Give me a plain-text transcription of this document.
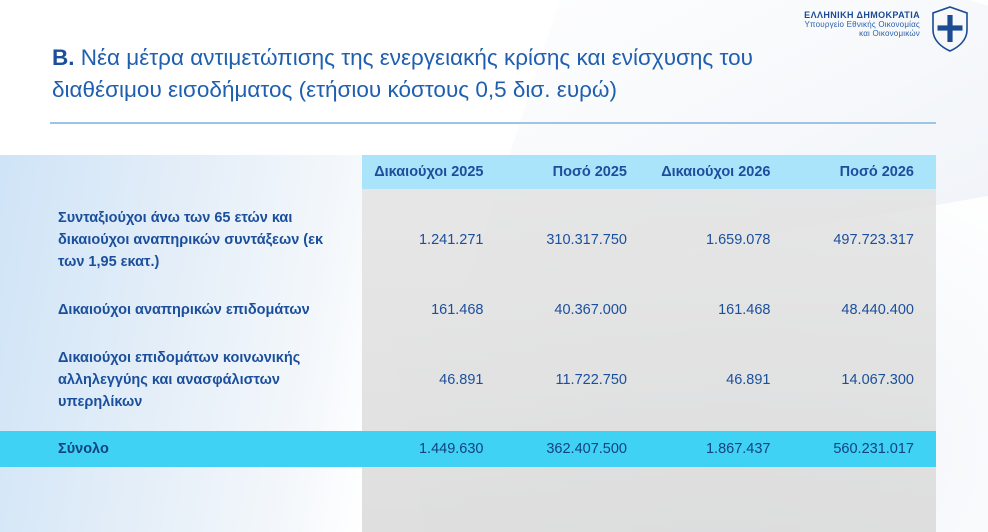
ΕΛΛΗΝΙΚΗ ΔΗΜΟΚΡΑΤΙΑ
Υπουργείο Εθνικής Οικονομίας
και Οικονομικών
Β. Νέα μέτρα αντιμετώπισης της ενεργειακής κρίσης και ενίσχυσης του διαθέσιμου εισοδήματος (ετήσιου κόστους 0,5 δισ. ευρώ)
	Δικαιούχοι 2025	Ποσό 2025	Δικαιούχοι 2026	Ποσό 2026

Συνταξιούχοι άνω των 65 ετών και δικαιούχοι αναπηρικών συντάξεων (εκ των 1,95 εκατ.)	1.241.271	310.317.750	1.659.078	497.723.317

Δικαιούχοι αναπηρικών επιδομάτων	161.468	40.367.000	161.468	48.440.400

Δικαιούχοι επιδομάτων κοινωνικής αλληλεγγύης και ανασφάλιστων υπερηλίκων	46.891	11.722.750	46.891	14.067.300

Σύνολο	1.449.630	362.407.500	1.867.437	560.231.017
